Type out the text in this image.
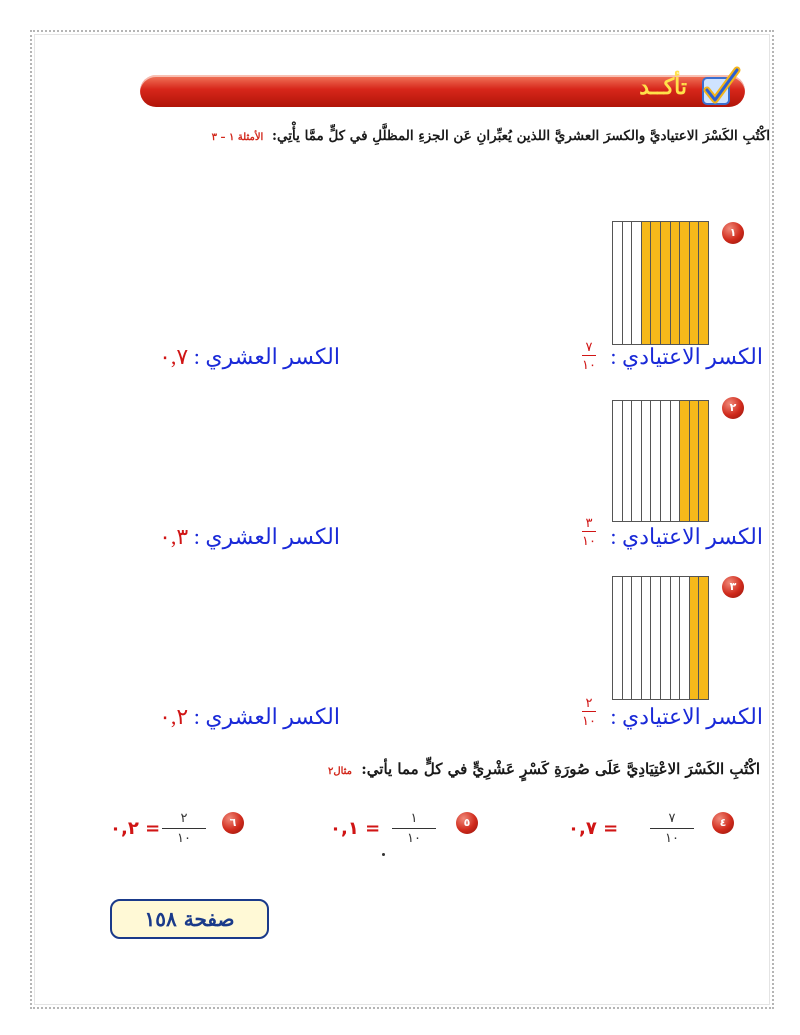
تأكــد
اكْتُبِ الكَسْرَ الاعتياديَّ والكسرَ العشريَّ اللذين يُعبِّرانِ عَن الجزءِ المظلَّلِ في كلٍّ ممَّا يأْتِي: الأمثلة ١ – ٣
١
الكسر الاعتيادي :
٧
١٠
الكسر العشري : ٠,٧
٢
الكسر الاعتيادي :
٣
١٠
الكسر العشري : ٠,٣
٣
الكسر الاعتيادي :
٢
١٠
الكسر العشري : ٠,٢
اكْتُبِ الكَسْرَ الاعْتِيَادِيَّ عَلَى صُورَةِ كَسْرٍ عَشْرِيٍّ في كلٍّ مما يأتي: مثال٢
٤
٧
١٠
٠,٧ =
٥
١
١٠
٠,١ =
٦
٢
١٠
٠,٢ =
صفحة ١٥٨
